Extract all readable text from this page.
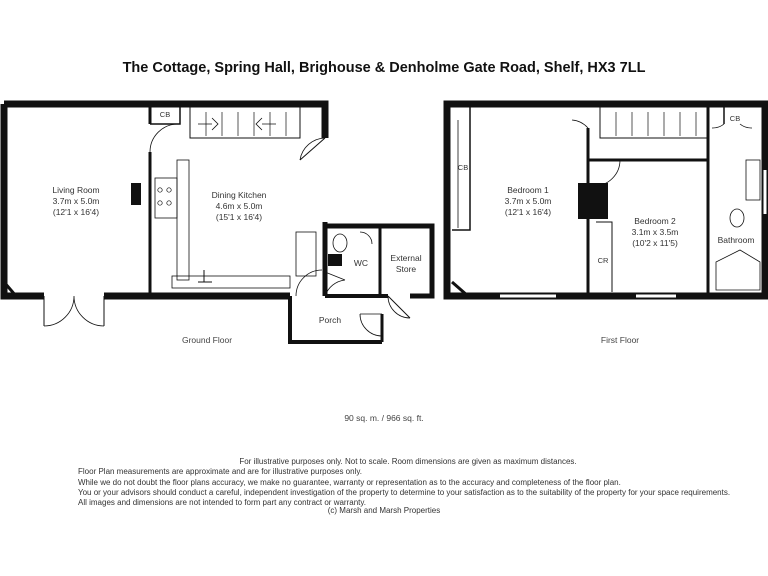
The Cottage, Spring Hall, Brighouse & Denholme Gate Road, Shelf, HX3 7LL
Living Room
3.7m x 5.0m
(12'1 x 16'4)
Dining Kitchen
4.6m x 5.0m
(15'1 x 16'4)
CB
WC	External
Store
Porch
Ground Floor
Bedroom 1
3.7m x 5.0m
(12'1 x 16'4)
Bedroom 2
3.1m x 3.5m
(10'2 x 11'5)	Bathroom
CB
CB
CR
First Floor
90 sq. m. / 966 sq. ft.
For illustrative purposes only. Not to scale. Room dimensions are given as maximum distances.
Floor Plan measurements are approximate and are for illustrative purposes only.
While we do not doubt the floor plans accuracy, we make no guarantee, warranty or representation as to the accuracy and completeness of the floor plan.
You or your advisors should conduct a careful, independent investigation of the property to determine to your satisfaction as to the suitability of the property for your space requirements.
All images and dimensions are not intended to form part any contract or warranty.
(c) Marsh and Marsh Properties
